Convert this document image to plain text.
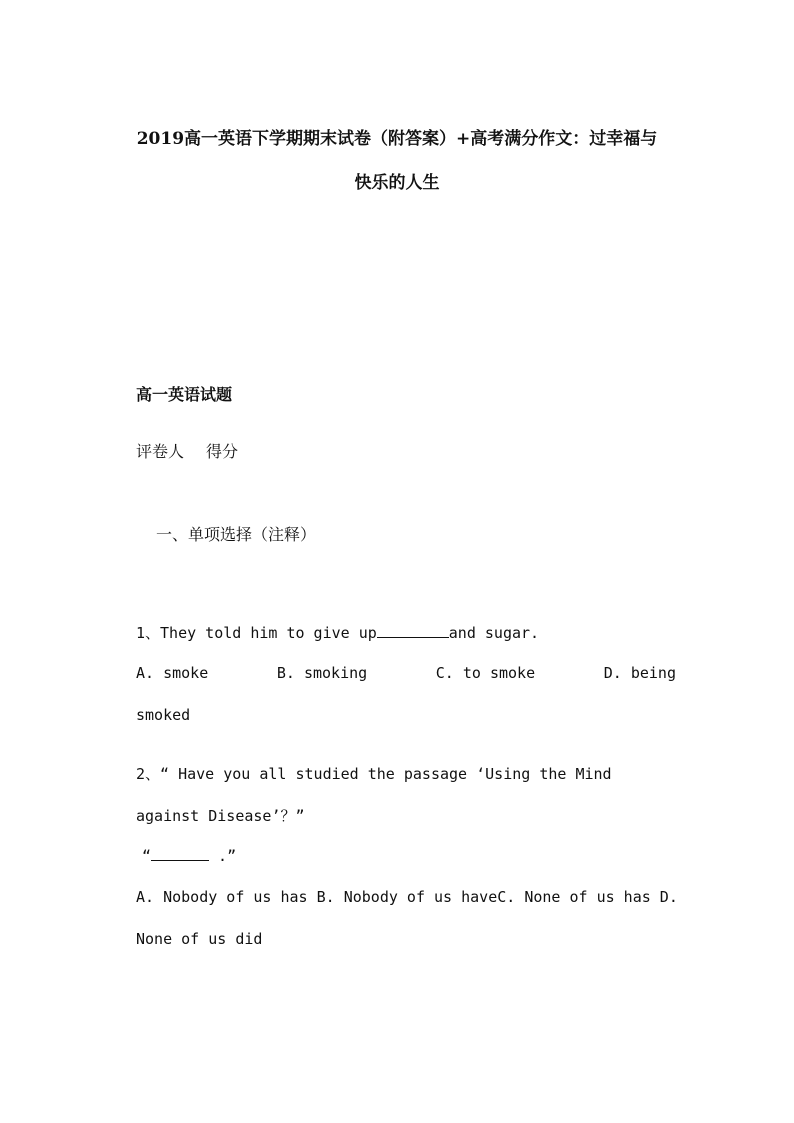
2019高一英语下学期期末试卷（附答案）+高考满分作文：过幸福与
快乐的人生
高一英语试题
评卷人 得分
一、单项选择（注释）
1、They told him to give up	and sugar.
A. smoke	B. smoking	C. to smoke	D. being
smoked
2、“ Have you all studied the passage ‘Using the Mind
against Disease’？”
“	.”
A. Nobody of us has B. Nobody of us haveC. None of us has D.
None of us did
